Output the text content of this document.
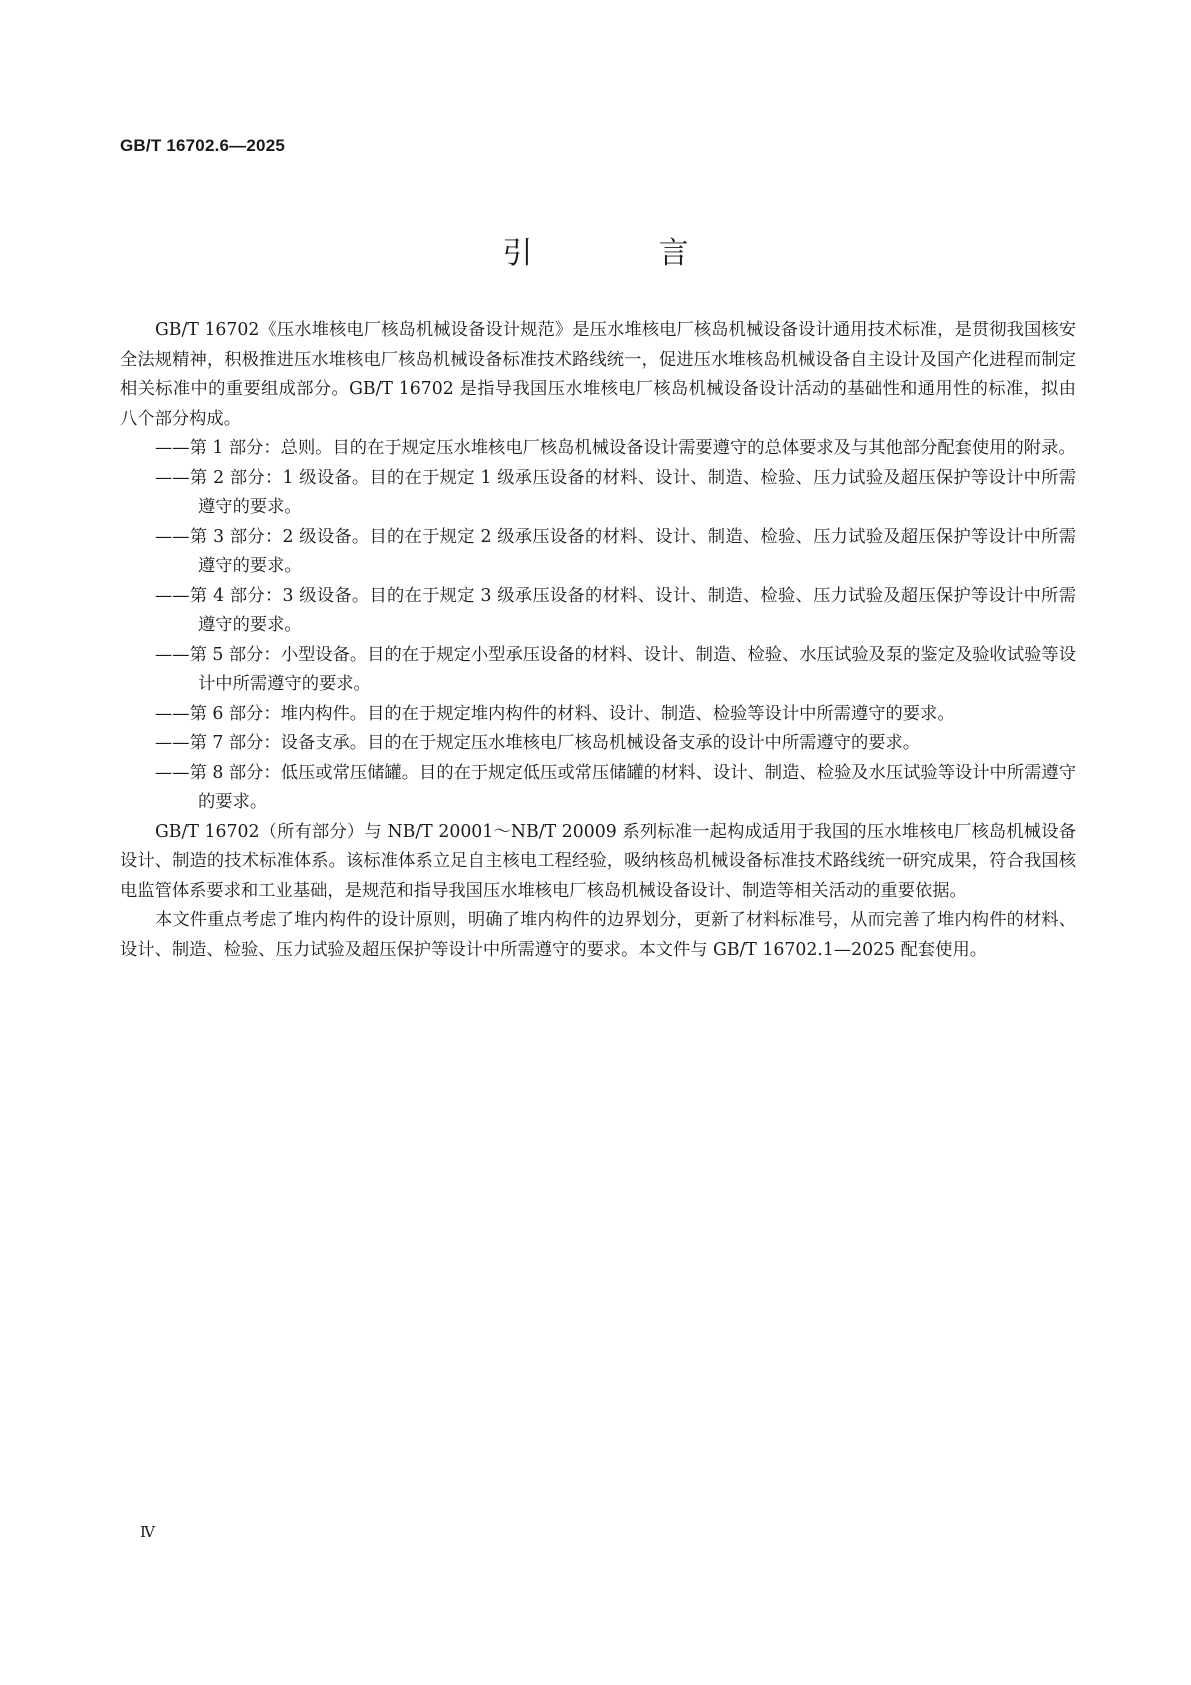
GB/T 16702.6—2025
引　言

GB/T 16702《压水堆核电厂核岛机械设备设计规范》是压水堆核电厂核岛机械设备设计通用技术标准，是贯彻我国核安全法规精神，积极推进压水堆核电厂核岛机械设备标准技术路线统一，促进压水堆核岛机械设备自主设计及国产化进程而制定相关标准中的重要组成部分。GB/T 16702 是指导我国压水堆核电厂核岛机械设备设计活动的基础性和通用性的标准，拟由八个部分构成。

——第 1 部分：总则。目的在于规定压水堆核电厂核岛机械设备设计需要遵守的总体要求及与其他部分配套使用的附录。
——第 2 部分：1 级设备。目的在于规定 1 级承压设备的材料、设计、制造、检验、压力试验及超压保护等设计中所需遵守的要求。
——第 3 部分：2 级设备。目的在于规定 2 级承压设备的材料、设计、制造、检验、压力试验及超压保护等设计中所需遵守的要求。
——第 4 部分：3 级设备。目的在于规定 3 级承压设备的材料、设计、制造、检验、压力试验及超压保护等设计中所需遵守的要求。
——第 5 部分：小型设备。目的在于规定小型承压设备的材料、设计、制造、检验、水压试验及泵的鉴定及验收试验等设计中所需遵守的要求。
——第 6 部分：堆内构件。目的在于规定堆内构件的材料、设计、制造、检验等设计中所需遵守的要求。
——第 7 部分：设备支承。目的在于规定压水堆核电厂核岛机械设备支承的设计中所需遵守的要求。
——第 8 部分：低压或常压储罐。目的在于规定低压或常压储罐的材料、设计、制造、检验及水压试验等设计中所需遵守的要求。

GB/T 16702（所有部分）与 NB/T 20001～NB/T 20009 系列标准一起构成适用于我国的压水堆核电厂核岛机械设备设计、制造的技术标准体系。该标准体系立足自主核电工程经验，吸纳核岛机械设备标准技术路线统一研究成果，符合我国核电监管体系要求和工业基础，是规范和指导我国压水堆核电厂核岛机械设备设计、制造等相关活动的重要依据。

本文件重点考虑了堆内构件的设计原则，明确了堆内构件的边界划分，更新了材料标准号，从而完善了堆内构件的材料、设计、制造、检验、压力试验及超压保护等设计中所需遵守的要求。本文件与 GB/T 16702.1—2025 配套使用。

Ⅳ
